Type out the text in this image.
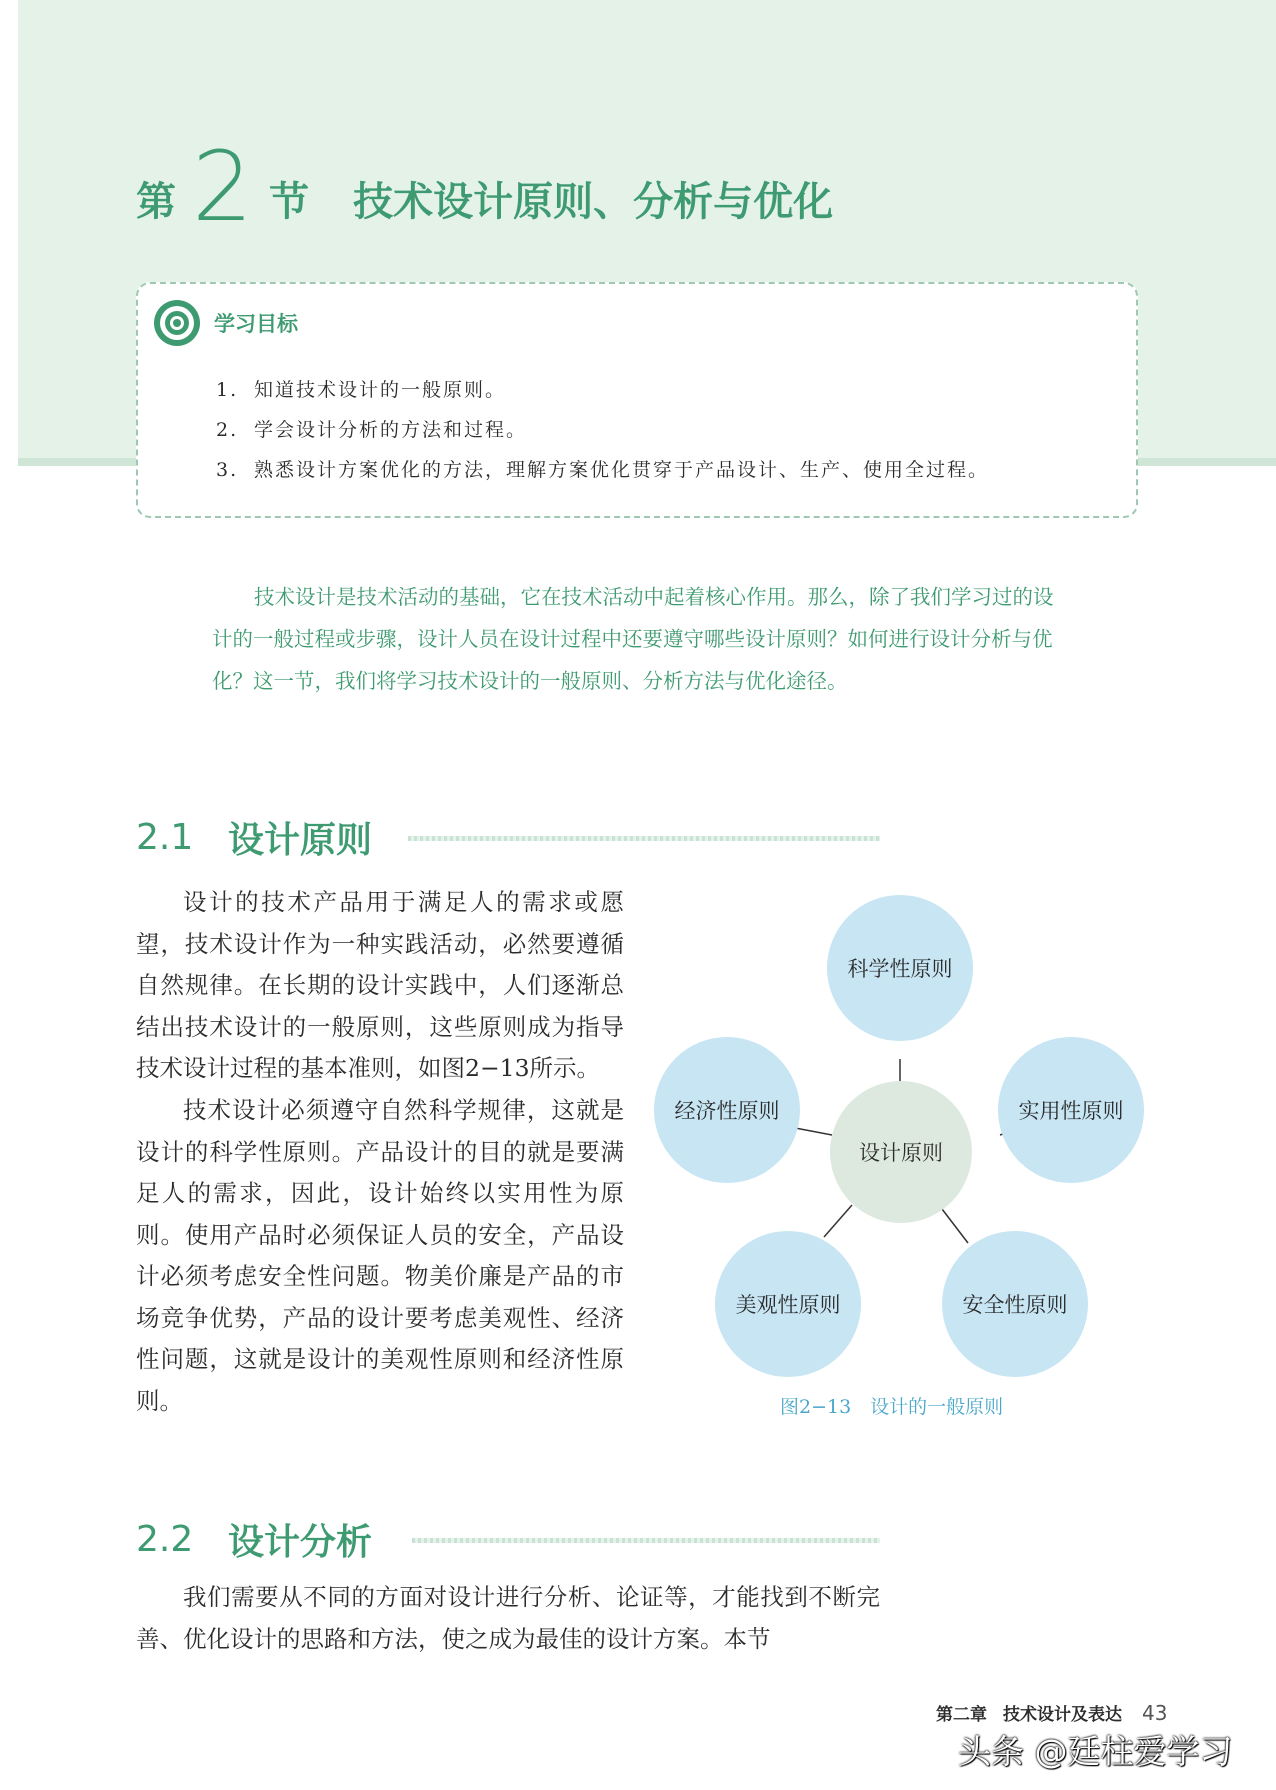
第 2 节 技术设计原则、分析与优化
学习目标
1. 知道技术设计的一般原则。
2. 学会设计分析的方法和过程。
3. 熟悉设计方案优化的方法，理解方案优化贯穿于产品设计、生产、使用全过程。

技术设计是技术活动的基础，它在技术活动中起着核心作用。那么，除了我们学习过的设计的一般过程或步骤，设计人员在设计过程中还要遵守哪些设计原则？如何进行设计分析与优化？这一节，我们将学习技术设计的一般原则、分析方法与优化途径。

2.1 设计原则

设计的技术产品用于满足人的需求或愿望，技术设计作为一种实践活动，必然要遵循自然规律。在长期的设计实践中，人们逐渐总结出技术设计的一般原则，这些原则成为指导技术设计过程的基本准则，如图2−13所示。

技术设计必须遵守自然科学规律，这就是设计的科学性原则。产品设计的目的就是要满足人的需求，因此，设计始终以实用性为原则。使用产品时必须保证人员的安全，产品设计必须考虑安全性问题。物美价廉是产品的市场竞争优势，产品的设计要考虑美观性、经济性问题，这就是设计的美观性原则和经济性原则。

科学性原则
经济性原则	实用性原则
设计原则
美观性原则	安全性原则
图2−13　设计的一般原则
2.2 设计分析

我们需要从不同的方面对设计进行分析、论证等，才能找到不断完善、优化设计的思路和方法，使之成为最佳的设计方案。本节

第二章 技术设计及表达 43
头条 @廷柱爱学习
